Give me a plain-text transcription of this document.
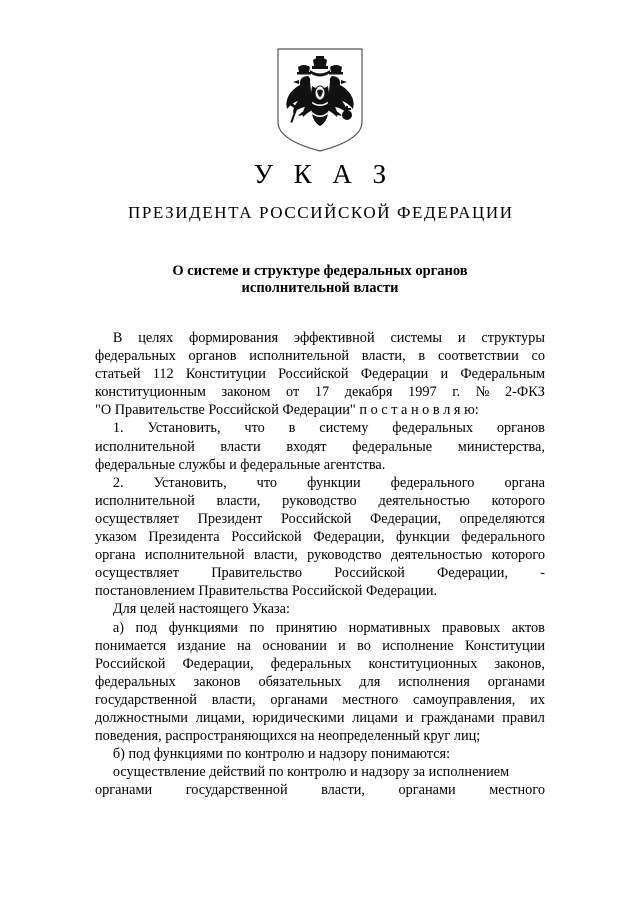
У К А З
ПРЕЗИДЕНТА РОССИЙСКОЙ ФЕДЕРАЦИИ
О системе и структуре федеральных органов
исполнительной власти
В целях формирования эффективной системы и структуры
федеральных органов исполнительной власти, в соответствии со
статьей 112 Конституции Российской Федерации и Федеральным
конституционным законом от 17 декабря 1997 г. № 2-ФКЗ
"О Правительстве Российской Федерации" п о с т а н о в л я ю:
1. Установить, что в систему федеральных органов
исполнительной власти входят федеральные министерства,
федеральные службы и федеральные агентства.
2. Установить, что функции федерального органа
исполнительной власти, руководство деятельностью которого
осуществляет Президент Российской Федерации, определяются
указом Президента Российской Федерации, функции федерального
органа исполнительной власти, руководство деятельностью которого
осуществляет Правительство Российской Федерации, -
постановлением Правительства Российской Федерации.
Для целей настоящего Указа:
а) под функциями по принятию нормативных правовых актов
понимается издание на основании и во исполнение Конституции
Российской Федерации, федеральных конституционных законов,
федеральных законов обязательных для исполнения органами
государственной власти, органами местного самоуправления, их
должностными лицами, юридическими лицами и гражданами правил
поведения, распространяющихся на неопределенный круг лиц;
б) под функциями по контролю и надзору понимаются:
осуществление действий по контролю и надзору за исполнением
органами государственной власти, органами местного
